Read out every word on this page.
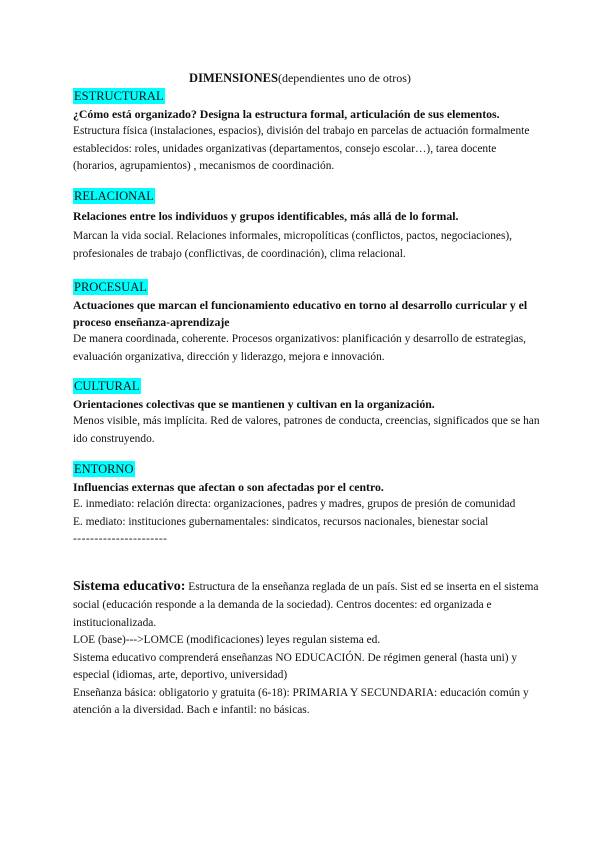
DIMENSIONES(dependientes uno de otros)
ESTRUCTURAL
¿Cómo está organizado? Designa la estructura formal, articulación de sus elementos.
Estructura física (instalaciones, espacios), división del trabajo en parcelas de actuación formalmente establecidos: roles, unidades organizativas (departamentos, consejo escolar…), tarea docente (horarios, agrupamientos) , mecanismos de coordinación.
RELACIONAL
Relaciones entre los individuos y grupos identificables, más allá de lo formal.
Marcan la vida social. Relaciones informales, micropolíticas (conflictos, pactos, negociaciones), profesionales de trabajo (conflictivas, de coordinación), clima relacional.
PROCESUAL
Actuaciones que marcan el funcionamiento educativo en torno al desarrollo curricular y el proceso enseñanza-aprendizaje
De manera coordinada, coherente. Procesos organizativos: planificación y desarrollo de estrategias, evaluación organizativa, dirección y liderazgo, mejora e innovación.
CULTURAL
Orientaciones colectivas que se mantienen y cultivan en la organización.
Menos visible, más implícita. Red de valores, patrones de conducta, creencias, significados que se han ido construyendo.
ENTORNO
Influencias externas que afectan o son afectadas por el centro.
E. inmediato: relación directa: organizaciones, padres y madres, grupos de presión de comunidad
E. mediato: instituciones gubernamentales: sindicatos, recursos nacionales, bienestar social
----------------------
Sistema educativo: Estructura de la enseñanza reglada de un país. Sist ed se inserta en el sistema social (educación responde a la demanda de la sociedad). Centros docentes: ed organizada e institucionalizada.
LOE (base)--->LOMCE (modificaciones) leyes regulan sistema ed.
Sistema educativo comprenderá enseñanzas NO EDUCACIÓN. De régimen general (hasta uni) y especial (idiomas, arte, deportivo, universidad)
Enseñanza básica: obligatorio y gratuita (6-18): PRIMARIA Y SECUNDARIA: educación común y atención a la diversidad. Bach e infantil: no básicas.
